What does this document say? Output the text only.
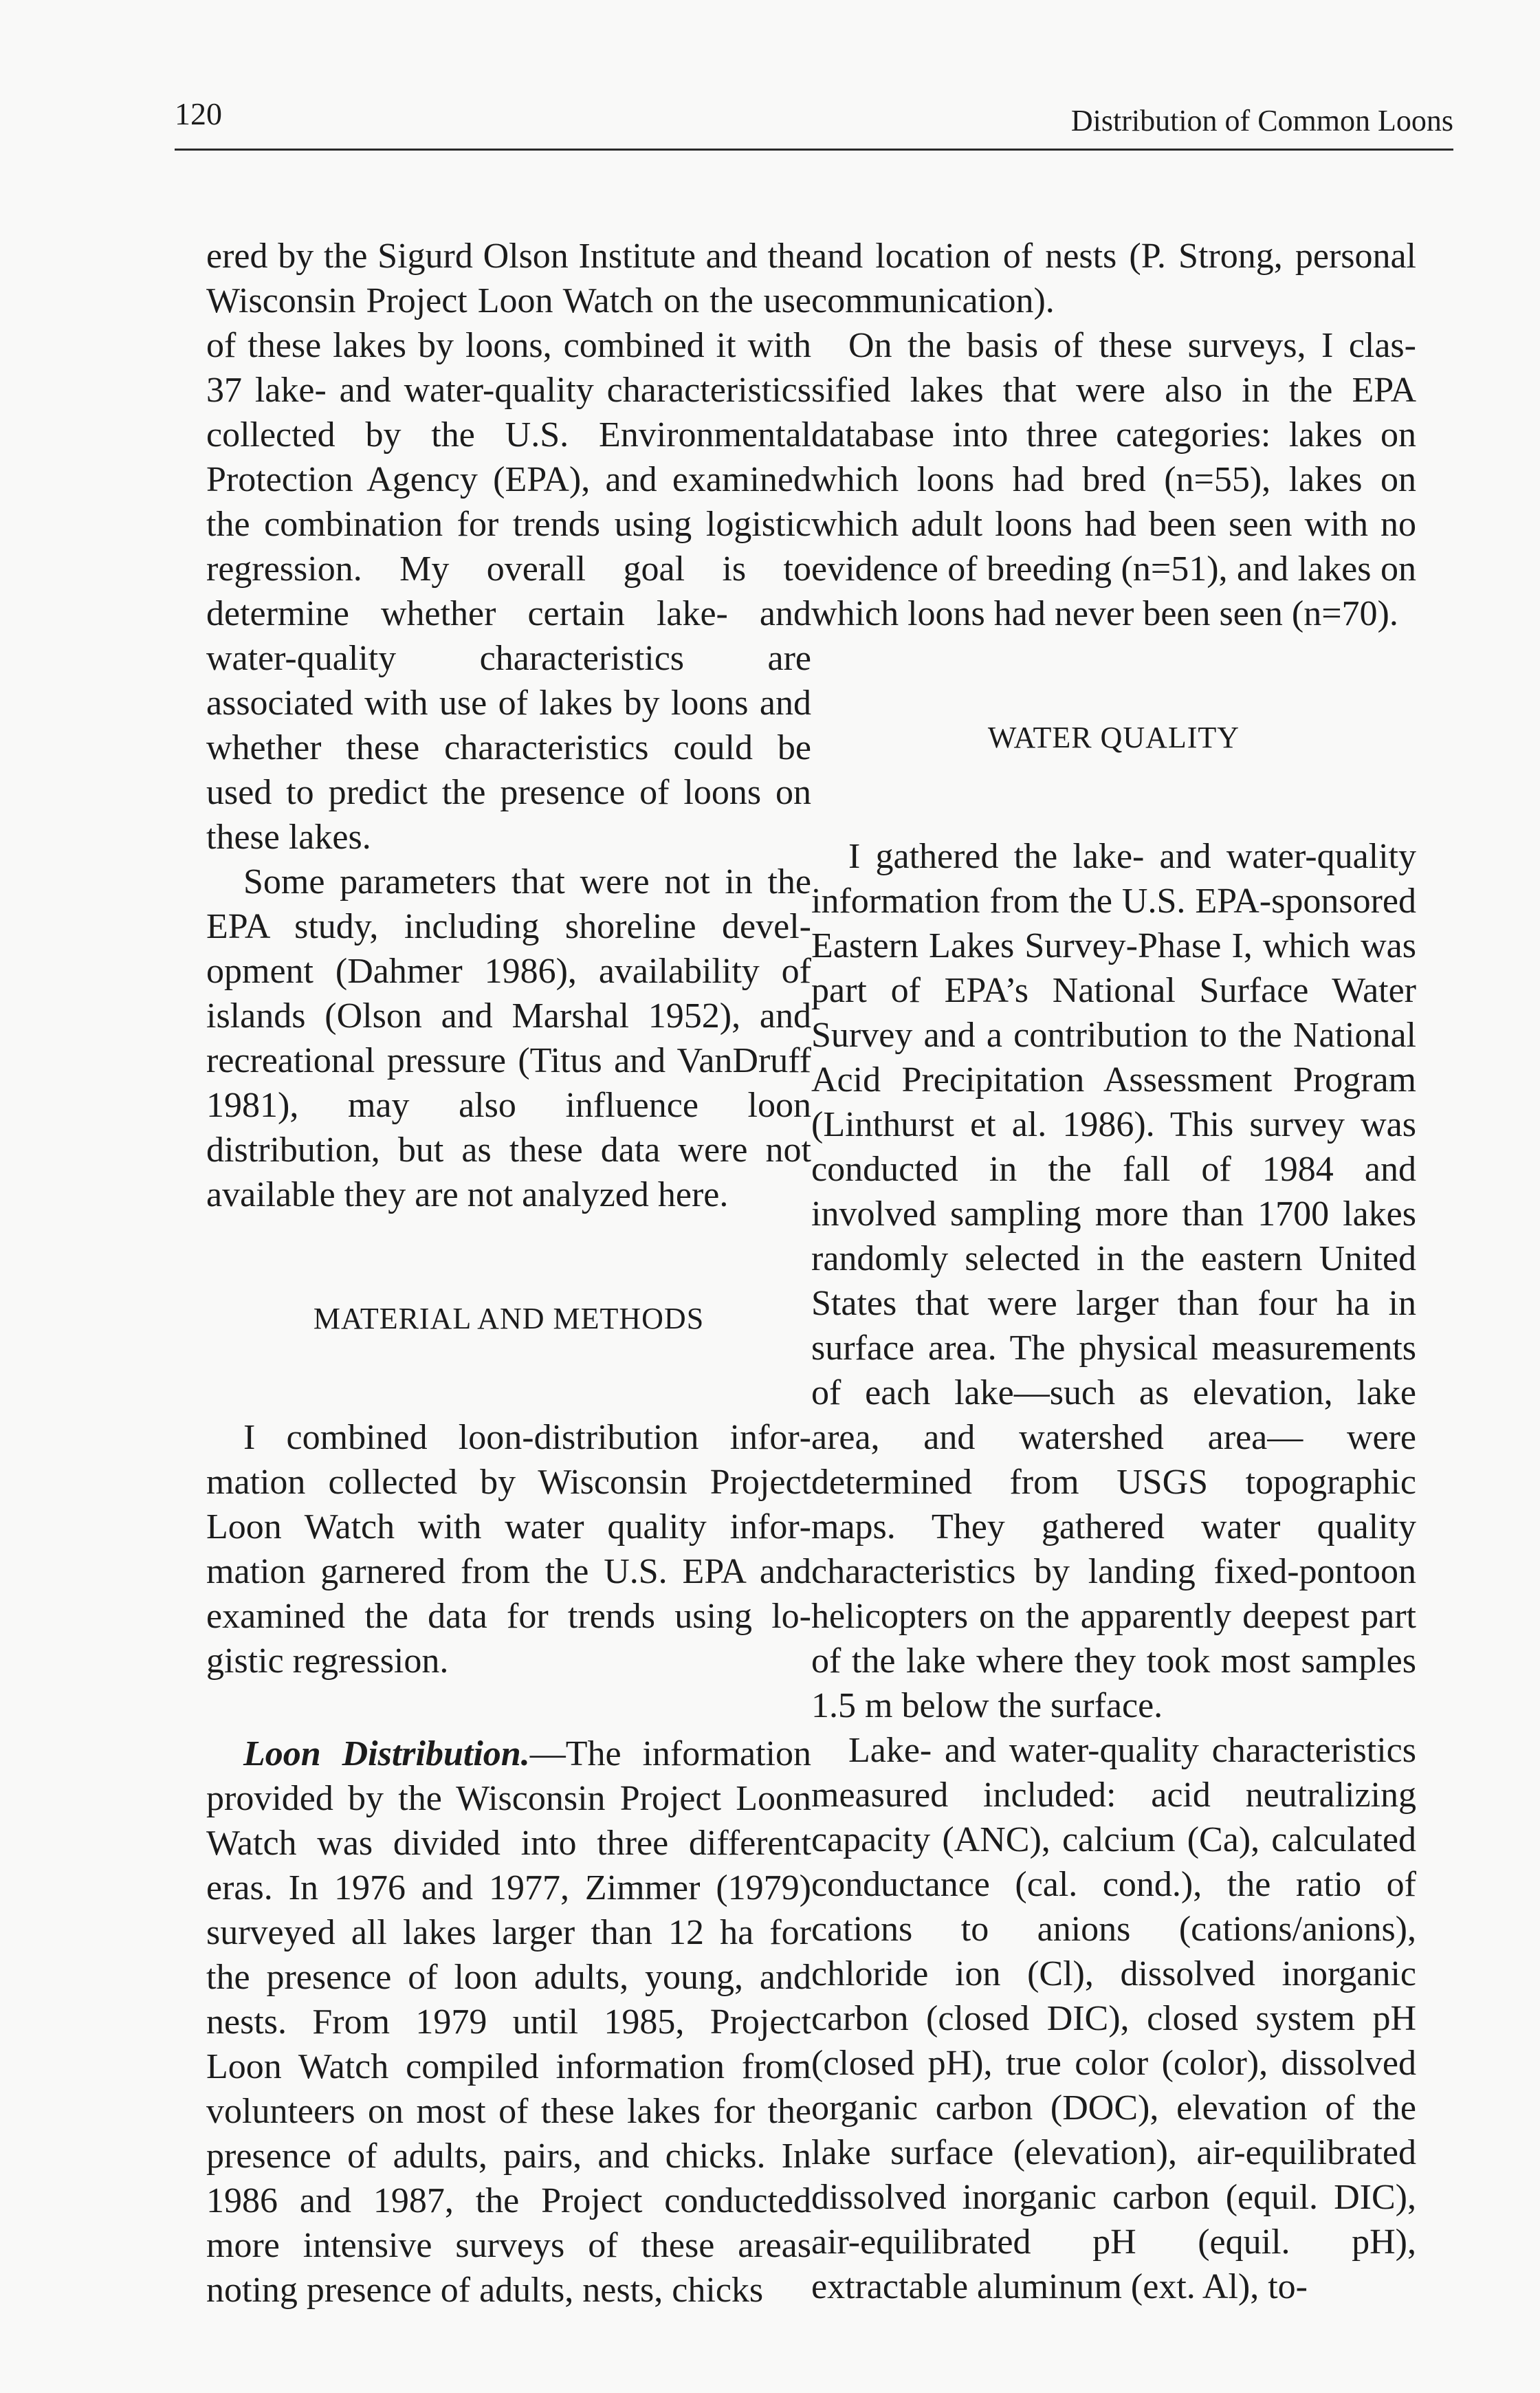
120	Distribution of Common Loons

ered by the Sigurd Olson Institute and the Wisconsin Project Loon Watch on the use of these lakes by loons, combined it with 37 lake- and water-quality characteristics collected by the U.S. Environmental Protection Agency (EPA), and examined the combination for trends using logistic regression. My overall goal is to determine whether certain lake- and water-quality characteristics are associated with use of lakes by loons and whether these characteristics could be used to predict the presence of loons on these lakes.

Some parameters that were not in the EPA study, including shoreline development (Dahmer 1986), availability of islands (Olson and Marshal 1952), and recreational pressure (Titus and VanDruff 1981), may also influence loon distribution, but as these data were not available they are not analyzed here.

MATERIAL AND METHODS

I combined loon-distribution information collected by Wisconsin Project Loon Watch with water quality information garnered from the U.S. EPA and examined the data for trends using logistic regression.

Loon Distribution.—The information provided by the Wisconsin Project Loon Watch was divided into three different eras. In 1976 and 1977, Zimmer (1979) surveyed all lakes larger than 12 ha for the presence of loon adults, young, and nests. From 1979 until 1985, Project Loon Watch compiled information from volunteers on most of these lakes for the presence of adults, pairs, and chicks. In 1986 and 1987, the Project conducted more intensive surveys of these areas noting presence of adults, nests, chicks

and location of nests (P. Strong, personal communication).

On the basis of these surveys, I classified lakes that were also in the EPA database into three categories: lakes on which loons had bred (n=55), lakes on which adult loons had been seen with no evidence of breeding (n=51), and lakes on which loons had never been seen (n=70).

WATER QUALITY

I gathered the lake- and water-quality information from the U.S. EPA-sponsored Eastern Lakes Survey-Phase I, which was part of EPA’s National Surface Water Survey and a contribution to the National Acid Precipitation Assessment Program (Linthurst et al. 1986). This survey was conducted in the fall of 1984 and involved sampling more than 1700 lakes randomly selected in the eastern United States that were larger than four ha in surface area. The physical measurements of each lake—such as elevation, lake area, and watershed area— were determined from USGS topographic maps. They gathered water quality characteristics by landing fixed-pontoon helicopters on the apparently deepest part of the lake where they took most samples 1.5 m below the surface.

Lake- and water-quality characteristics measured included: acid neutralizing capacity (ANC), calcium (Ca), calculated conductance (cal. cond.), the ratio of cations to anions (cations/anions), chloride ion (Cl), dissolved inorganic carbon (closed DIC), closed system pH (closed pH), true color (color), dissolved organic carbon (DOC), elevation of the lake surface (elevation), air-equilibrated dissolved inorganic carbon (equil. DIC), air-equilibrated pH (equil. pH), extractable aluminum (ext. Al), to-
